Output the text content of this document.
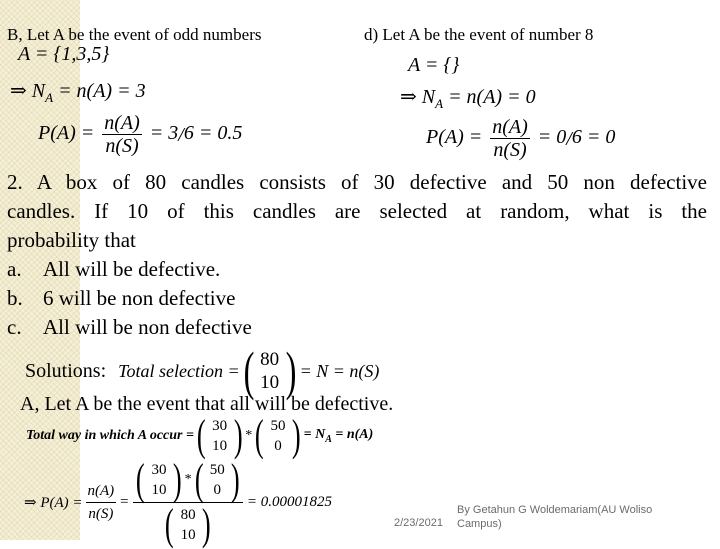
B, Let A be the event of odd numbers
A = {1,3,5}
⇒ $N_A = n(A) = 3$
$P(A) = \frac{n(A)}{n(S)} = 3/6 = 0.5$
d) Let A be the event of number 8
A = {}
⇒ $N_A = n(A) = 0$
$P(A) = \frac{n(A)}{n(S)} = 0/6 = 0$
2. A box of 80 candles consists of 30 defective and 50 non defective
candles. If 10 of this candles are selected at random, what is the
probability that
a. All will be defective.
b. 6 will be non defective
c. All will be non defective
Solutions: Total selection = ( 80
10 ) = N = n(S)
A, Let A be the event that all will be defective.
Total way in which A occur = ( 30
10 ) * ( 50
0 ) = $N_A = n(A)$
⇒ $P(A) = \frac{n(A)}{n(S)}$ = ( 30
10 ) * ( 50
0 )
( 80
10 ) = 0.00001825
2/23/2021
By Getahun G Woldemariam(AU Woliso Campus)
